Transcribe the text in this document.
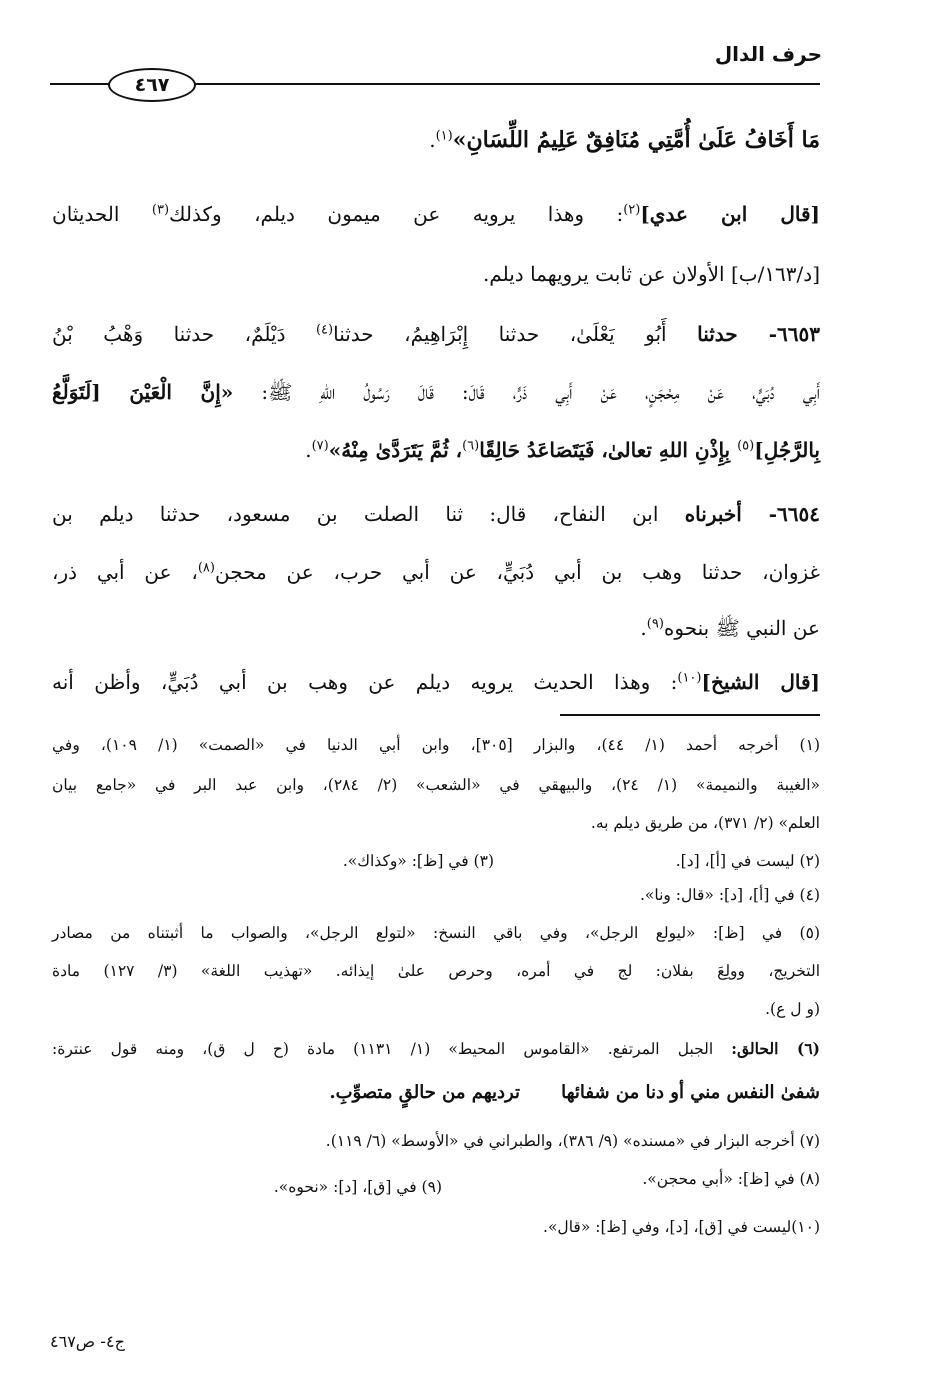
حرف الدال
٤٦٧
مَا أَخَافُ عَلَىٰ أُمَّتِي مُنَافِقٌ عَلِيمُ اللِّسَانِ»$^{(١)}$.
[قال ابن عدي]$^{(٢)}$: وهذا يرويه عن ميمون ديلم، وكذلك$^{(٣)}$ الحديثان
[د/١٦٣/ب] الأولان عن ثابت يرويهما ديلم.
٦٦٥٣- حدثنا أَبُو يَعْلَىٰ، حدثنا إِبْرَاهِيمُ، حدثنا$^{(٤)}$ دَيْلَمٌ، حدثنا وَهْبُ بْنُ
أَبِي دُبَيٍّ، عَنْ مِحْجَنٍ، عَنْ أَبِي ذَرٍّ، قَالَ: قَالَ رَسُولُ اللهِ ﷺ: «إِنَّ الْعَيْنَ [لَتَوَلَّعُ
بِالرَّجُلِ]$^{(٥)}$ بِإِذْنِ اللهِ تعالىٰ، فَيَتَصَاعَدُ حَالِقًا$^{(٦)}$، ثُمَّ يَتَرَدَّىٰ مِنْهُ»$^{(٧)}$.
٦٦٥٤- أخبرناه ابن النفاح، قال: ثنا الصلت بن مسعود، حدثنا ديلم بن
غزوان، حدثنا وهب بن أبي دُبَيٍّ، عن أبي حرب، عن محجن$^{(٨)}$، عن أبي ذر،
عن النبي ﷺ بنحوه$^{(٩)}$.
[قال الشيخ]$^{(١٠)}$: وهذا الحديث يرويه ديلم عن وهب بن أبي دُبَيٍّ، وأظن أنه
(١) أخرجه أحمد (١/ ٤٤)، والبزار [٣٠٥]، وابن أبي الدنيا في «الصمت» (١/ ١٠٩)، وفي
«الغيبة والنميمة» (١/ ٢٤)، والبيهقي في «الشعب» (٢/ ٢٨٤)، وابن عبد البر في «جامع بيان
العلم» (٢/ ٣٧١)، من طريق ديلم به.
(٢) ليست في [أ]، [د].
(٣) في [ظ]: «وكذاك».
(٤) في [أ]، [د]: «قال: ونا».
(٥) في [ظ]: «ليولع الرجل»، وفي باقي النسخ: «لتولع الرجل»، والصواب ما أثبتناه من مصادر
التخريج، وولِعَ بفلان: لج في أمره، وحرص علىٰ إيذائه. «تهذيب اللغة» (٣/ ١٢٧) مادة
(و ل ع).
(٦) الحالق: الجبل المرتفع. «القاموس المحيط» (١/ ١١٣١) مادة (ح ل ق)، ومنه قول عنترة:
شفىٰ النفس مني أو دنا من شفائها
ترديهم من حالقٍ متصوِّبِ.
(٧) أخرجه البزار في «مسنده» (٩/ ٣٨٦)، والطبراني في «الأوسط» (٦/ ١١٩).
(٨) في [ظ]: «أبي محجن».
(٩) في [ق]، [د]: «نحوه».
(١٠)ليست في [ق]، [د]، وفي [ظ]: «قال».
ج٤- ص٤٦٧
